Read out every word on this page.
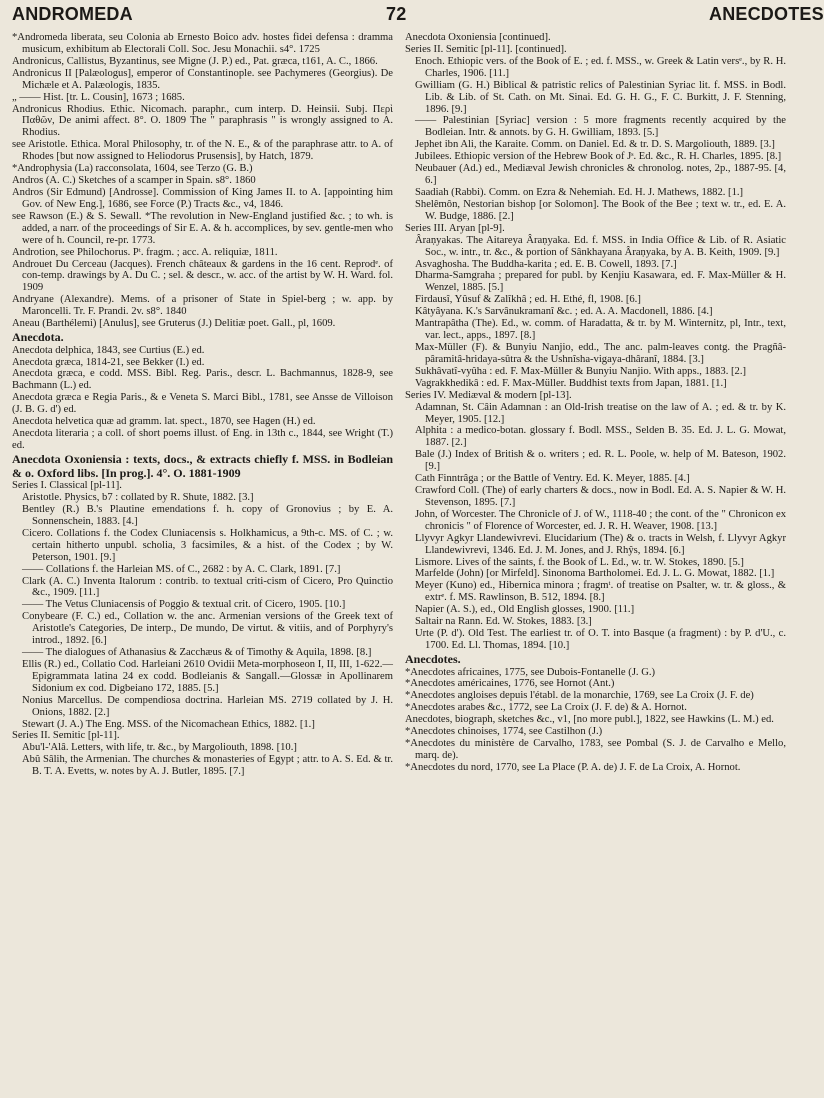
ANDROMEDA	72	ANECDOTES

*Andromeda liberata, seu Colonia ab Ernesto Boico adv. hostes fidei defensa : dramma musicum, exhibitum ab Electorali Coll. Soc. Jesu Monachii. s4°. 1725

Andronicus, Callistus, Byzantinus, see Migne (J. P.) ed., Pat. græca, t161, A. C., 1866.

Andronicus II [Palæologus], emperor of Constantinople. see Pachymeres (Georgius). De Michæle et A. Palæologis, 1835.

„ —— Hist. [tr. L. Cousin], 1673 ; 1685.

Andronicus Rhodius. Ethic. Nicomach. paraphr., cum interp. D. Heinsii. Subj. Περὶ Παθῶν, De animi affect. 8°. O. 1809 The " paraphrasis " is wrongly assigned to A. Rhodius.

see Aristotle. Ethica. Moral Philosophy, tr. of the N. E., & of the paraphrase attr. to A. of Rhodes [but now assigned to Heliodorus Prusensis], by Hatch, 1879.

*Androphysia (La) racconsolata, 1604, see Terzo (G. B.)

Andros (A. C.) Sketches of a scamper in Spain. s8°. 1860

Andros (Sir Edmund) [Androsse]. Commission of King James II. to A. [appointing him Gov. of New Eng.], 1686, see Force (P.) Tracts &c., v4, 1846.

see Rawson (E.) & S. Sewall. *The revolution in New-England justified &c. ; to wh. is added, a narr. of the proceedings of Sir E. A. & h. accomplices, by sev. gentle-men who were of h. Council, re-pr. 1773.

Androtion, see Philochorus. Pᵗ. fragm. ; acc. A. reliquiæ, 1811.

Androuet Du Cerceau (Jacques). French châteaux & gardens in the 16 cent. Reprodᵉ. of con-temp. drawings by A. Du C. ; sel. & descr., w. acc. of the artist by W. H. Ward. fol. 1909

Andryane (Alexandre). Mems. of a prisoner of State in Spiel-berg ; w. app. by Maroncelli. Tr. F. Prandi. 2v. s8°. 1840

Aneau (Barthélemi) [Anulus], see Gruterus (J.) Delitiæ poet. Gall., pl, 1609.

Anecdota.

Anecdota delphica, 1843, see Curtius (E.) ed.

Anecdota græca, 1814-21, see Bekker (I.) ed.

Anecdota græca, e codd. MSS. Bibl. Reg. Paris., descr. L. Bachmannus, 1828-9, see Bachmann (L.) ed.

Anecdota græca e Regia Paris., & e Veneta S. Marci Bibl., 1781, see Ansse de Villoison (J. B. G. d') ed.

Anecdota helvetica quæ ad gramm. lat. spect., 1870, see Hagen (H.) ed.

Anecdota literaria ; a coll. of short poems illust. of Eng. in 13th c., 1844, see Wright (T.) ed.

Anecdota Oxoniensia : texts, docs., & extracts chiefly f. MSS. in Bodleian & o. Oxford libs. [In prog.]. 4°. O. 1881-1909

Series I. Classical [pl-11].

Aristotle. Physics, b7 : collated by R. Shute, 1882. [3.]

Bentley (R.) B.'s Plautine emendations f. h. copy of Gronovius ; by E. A. Sonnenschein, 1883. [4.]

Cicero. Collations f. the Codex Cluniacensis s. Holkhamicus, a 9th-c. MS. of C. ; w. certain hitherto unpubl. scholia, 3 facsimiles, & a hist. of the Codex ; by W. Peterson, 1901. [9.]

—— Collations f. the Harleian MS. of C., 2682 : by A. C. Clark, 1891. [7.]

Clark (A. C.) Inventa Italorum : contrib. to textual criti-cism of Cicero, Pro Quinctio &c., 1909. [11.]

—— The Vetus Cluniacensis of Poggio & textual crit. of Cicero, 1905. [10.]

Conybeare (F. C.) ed., Collation w. the anc. Armenian versions of the Greek text of Aristotle's Categories, De interp., De mundo, De virtut. & vitiis, and of Porphyry's introd., 1892. [6.]

—— The dialogues of Athanasius & Zacchæus & of Timothy & Aquila, 1898. [8.]

Ellis (R.) ed., Collatio Cod. Harleiani 2610 Ovidii Meta-morphoseon I, II, III, 1-622.—Epigrammata latina 24 ex codd. Bodleianis & Sangall.—Glossæ in Apollinarem Sidonium ex cod. Digbeiano 172, 1885. [5.]

Nonius Marcellus. De compendiosa doctrina. Harleian MS. 2719 collated by J. H. Onions, 1882. [2.]

Stewart (J. A.) The Eng. MSS. of the Nicomachean Ethics, 1882. [1.]

Series II. Semitic [pl-11].

Abu'l-'Alâ. Letters, with life, tr. &c., by Margoliouth, 1898. [10.]

Abû Sâlih, the Armenian. The churches & monasteries of Egypt ; attr. to A. S. Ed. & tr. B. T. A. Evetts, w. notes by A. J. Butler, 1895. [7.]

Anecdota Oxoniensia [continued].

Series II. Semitic [pl-11]. [continued].

Enoch. Ethiopic vers. of the Book of E. ; ed. f. MSS., w. Greek & Latin versᵉ., by R. H. Charles, 1906. [11.]

Gwilliam (G. H.) Biblical & patristic relics of Palestinian Syriac lit. f. MSS. in Bodl. Lib. & Lib. of St. Cath. on Mt. Sinai. Ed. G. H. G., F. C. Burkitt, J. F. Stenning, 1896. [9.]

—— Palestinian [Syriac] version : 5 more fragments recently acquired by the Bodleian. Intr. & annots. by G. H. Gwilliam, 1893. [5.]

Jephet ibn Ali, the Karaite. Comm. on Daniel. Ed. & tr. D. S. Margoliouth, 1889. [3.]

Jubilees. Ethiopic version of the Hebrew Book of Jˢ. Ed. &c., R. H. Charles, 1895. [8.]

Neubauer (Ad.) ed., Mediæval Jewish chronicles & chronolog. notes, 2p., 1887-95. [4, 6.]

Saadiah (Rabbi). Comm. on Ezra & Nehemiah. Ed. H. J. Mathews, 1882. [1.]

Shelêmôn, Nestorian bishop [or Solomon]. The Book of the Bee ; text w. tr., ed. E. A. W. Budge, 1886. [2.]

Series III. Aryan [pl-9].

Âraṇyakas. The Aitareya Âraṇyaka. Ed. f. MSS. in India Office & Lib. of R. Asiatic Soc., w. intr., tr. &c., & portion of Sânkhayana Âraṇyaka, by A. B. Keith, 1909. [9.]

Asvaghosha. The Buddha-karita ; ed. E. B. Cowell, 1893. [7.]

Dharma-Samgraha ; prepared for publ. by Kenjiu Kasawara, ed. F. Max-Müller & H. Wenzel, 1885. [5.]

Firdausî, Yûsuf & Zalîkhâ ; ed. H. Ethé, fl, 1908. [6.]

Kâtyâyana. K.'s Sarvânukramanî &c. ; ed. A. A. Macdonell, 1886. [4.]

Mantrapâtha (The). Ed., w. comm. of Haradatta, & tr. by M. Winternitz, pl, Intr., text, var. lect., apps., 1897. [8.]

Max-Müller (F). & Bunyiu Nanjio, edd., The anc. palm-leaves contg. the Pragñâ-pâramitâ-hridaya-sûtra & the Ushnîsha-vigaya-dhâranî, 1884. [3.]

Sukhâvatî-vyûha : ed. F. Max-Müller & Bunyiu Nanjio. With apps., 1883. [2.]

Vagrakkhedikâ : ed. F. Max-Müller. Buddhist texts from Japan, 1881. [1.]

Series IV. Mediæval & modern [pl-13].

Adamnan, St. Câin Adamnan : an Old-Irish treatise on the law of A. ; ed. & tr. by K. Meyer, 1905. [12.]

Alphita : a medico-botan. glossary f. Bodl. MSS., Selden B. 35. Ed. J. L. G. Mowat, 1887. [2.]

Bale (J.) Index of British & o. writers ; ed. R. L. Poole, w. help of M. Bateson, 1902. [9.]

Cath Finntrâga ; or the Battle of Ventry. Ed. K. Meyer, 1885. [4.]

Crawford Coll. (The) of early charters & docs., now in Bodl. Ed. A. S. Napier & W. H. Stevenson, 1895. [7.]

John, of Worcester. The Chronicle of J. of W., 1118-40 ; the cont. of the " Chronicon ex chronicis " of Florence of Worcester, ed. J. R. H. Weaver, 1908. [13.]

Llyvyr Agkyr Llandewivrevi. Elucidarium (The) & o. tracts in Welsh, f. Llyvyr Agkyr Llandewivrevi, 1346. Ed. J. M. Jones, and J. Rhŷs, 1894. [6.]

Lismore. Lives of the saints, f. the Book of L. Ed., w. tr. W. Stokes, 1890. [5.]

Marfelde (John) [or Mirfeld]. Sinonoma Bartholomei. Ed. J. L. G. Mowat, 1882. [1.]

Meyer (Kuno) ed., Hibernica minora ; fragmᵗ. of treatise on Psalter, w. tr. & gloss., & extrᵉ. f. MS. Rawlinson, B. 512, 1894. [8.]

Napier (A. S.), ed., Old English glosses, 1900. [11.]

Saltair na Rann. Ed. W. Stokes, 1883. [3.]

Urte (P. d'). Old Test. The earliest tr. of O. T. into Basque (a fragment) : by P. d'U., c. 1700. Ed. Ll. Thomas, 1894. [10.]

Anecdotes.

*Anecdotes africaines, 1775, see Dubois-Fontanelle (J. G.)

*Anecdotes américaines, 1776, see Hornot (Ant.)

*Anecdotes angloises depuis l'établ. de la monarchie, 1769, see La Croix (J. F. de)

*Anecdotes arabes &c., 1772, see La Croix (J. F. de) & A. Hornot.

Anecdotes, biograph, sketches &c., v1, [no more publ.], 1822, see Hawkins (L. M.) ed.

*Anecdotes chinoises, 1774, see Castilhon (J.)

*Anecdotes du ministère de Carvalho, 1783, see Pombal (S. J. de Carvalho e Mello, marq. de).

*Anecdotes du nord, 1770, see La Place (P. A. de) J. F. de La Croix, A. Hornot.
